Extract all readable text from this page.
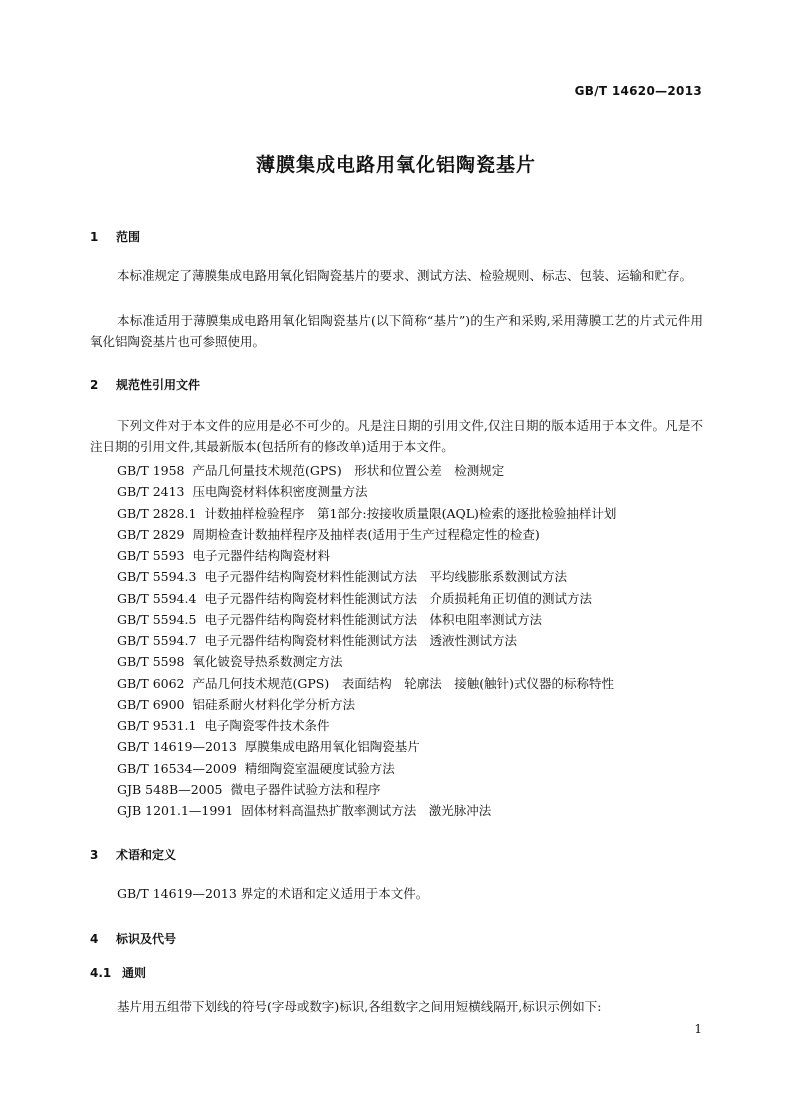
GB/T 14620—2013
薄膜集成电路用氧化铝陶瓷基片
1 范围
本标准规定了薄膜集成电路用氧化铝陶瓷基片的要求、测试方法、检验规则、标志、包装、运输和贮存。
本标准适用于薄膜集成电路用氧化铝陶瓷基片(以下简称“基片”)的生产和采购,采用薄膜工艺的片式元件用氧化铝陶瓷基片也可参照使用。
2 规范性引用文件
下列文件对于本文件的应用是必不可少的。凡是注日期的引用文件,仅注日期的版本适用于本文件。凡是不注日期的引用文件,其最新版本(包括所有的修改单)适用于本文件。
GB/T 1958 产品几何量技术规范(GPS)　形状和位置公差　检测规定
GB/T 2413 压电陶瓷材料体积密度测量方法
GB/T 2828.1 计数抽样检验程序　第1部分:按接收质量限(AQL)检索的逐批检验抽样计划
GB/T 2829 周期检查计数抽样程序及抽样表(适用于生产过程稳定性的检查)
GB/T 5593 电子元器件结构陶瓷材料
GB/T 5594.3 电子元器件结构陶瓷材料性能测试方法　平均线膨胀系数测试方法
GB/T 5594.4 电子元器件结构陶瓷材料性能测试方法　介质损耗角正切值的测试方法
GB/T 5594.5 电子元器件结构陶瓷材料性能测试方法　体积电阻率测试方法
GB/T 5594.7 电子元器件结构陶瓷材料性能测试方法　透液性测试方法
GB/T 5598 氧化铍瓷导热系数测定方法
GB/T 6062 产品几何技术规范(GPS)　表面结构　轮廓法　接触(触针)式仪器的标称特性
GB/T 6900 铝硅系耐火材料化学分析方法
GB/T 9531.1 电子陶瓷零件技术条件
GB/T 14619—2013 厚膜集成电路用氧化铝陶瓷基片
GB/T 16534—2009 精细陶瓷室温硬度试验方法
GJB 548B—2005 微电子器件试验方法和程序
GJB 1201.1—1991 固体材料高温热扩散率测试方法　激光脉冲法
3 术语和定义
GB/T 14619—2013 界定的术语和定义适用于本文件。
4 标识及代号
4.1 通则
基片用五组带下划线的符号(字母或数字)标识,各组数字之间用短横线隔开,标识示例如下:
1
